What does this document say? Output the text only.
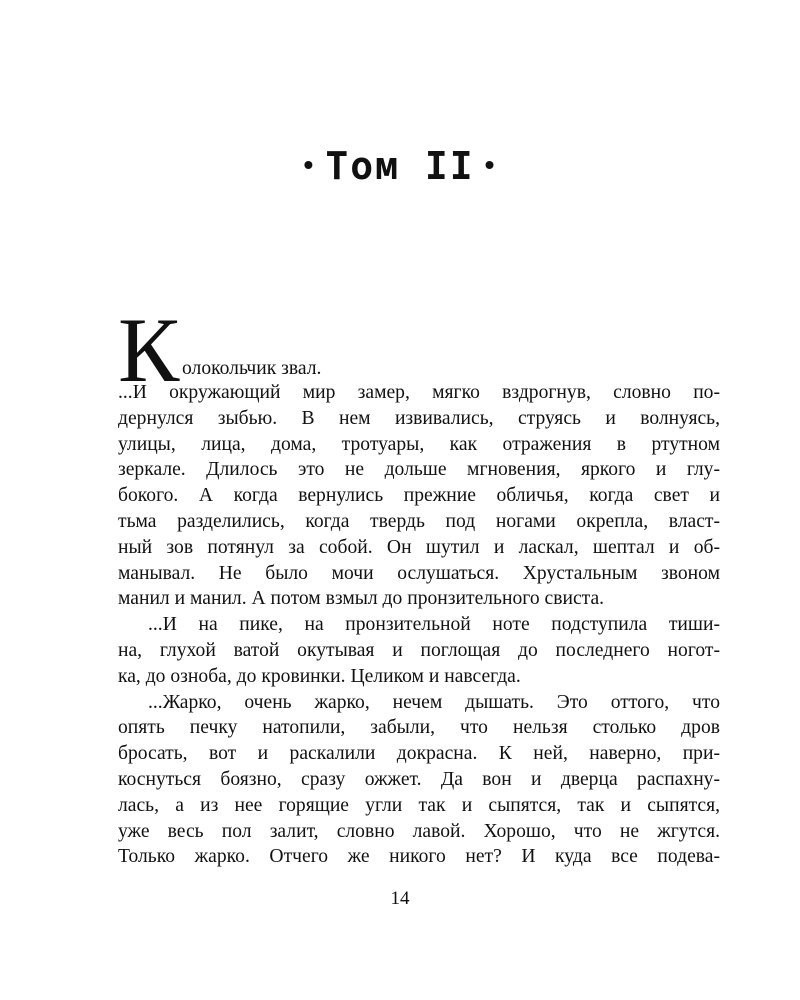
• Том II •
К олокольчик звал.
...И окружающий мир замер, мягко вздрогнув, словно по-
дернулся зыбью. В нем извивались, струясь и волнуясь,
улицы, лица, дома, тротуары, как отражения в ртутном
зеркале. Длилось это не дольше мгновения, яркого и глу-
бокого. А когда вернулись прежние обличья, когда свет и
тьма разделились, когда твердь под ногами окрепла, власт-
ный зов потянул за собой. Он шутил и ласкал, шептал и об-
манывал. Не было мочи ослушаться. Хрустальным звоном
манил и манил. А потом взмыл до пронзительного свиста.
...И на пике, на пронзительной ноте подступила тиши-
на, глухой ватой окутывая и поглощая до последнего ногот-
ка, до озноба, до кровинки. Целиком и навсегда.
...Жарко, очень жарко, нечем дышать. Это оттого, что
опять печку натопили, забыли, что нельзя столько дров
бросать, вот и раскалили докрасна. К ней, наверно, при-
коснуться боязно, сразу ожжет. Да вон и дверца распахну-
лась, а из нее горящие угли так и сыпятся, так и сыпятся,
уже весь пол залит, словно лавой. Хорошо, что не жгутся.
Только жарко. Отчего же никого нет? И куда все подева-
14
